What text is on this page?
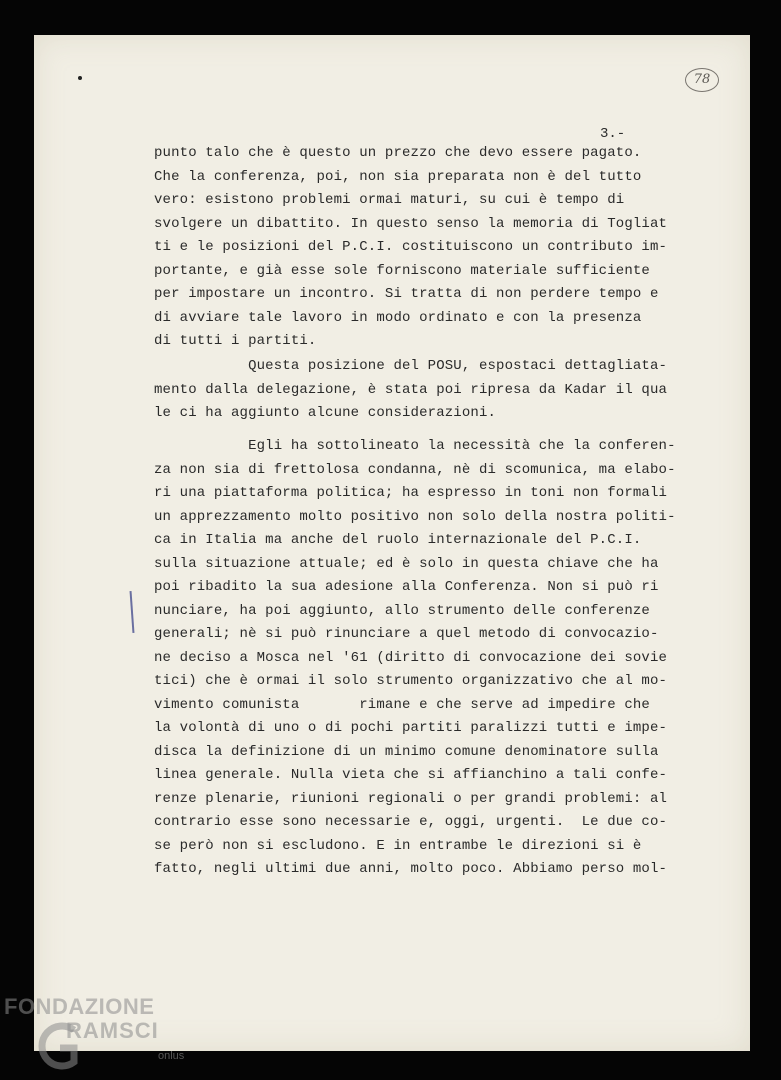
78
3.-
punto talo che è questo un prezzo che devo essere pagato.
Che la conferenza, poi, non sia preparata non è del tutto
vero: esistono problemi ormai maturi, su cui è tempo di
svolgere un dibattito. In questo senso la memoria di Togliat
ti e le posizioni del P.C.I. costituiscono un contributo im-
portante, e già esse sole forniscono materiale sufficiente
per impostare un incontro. Si tratta di non perdere tempo e
di avviare tale lavoro in modo ordinato e con la presenza
di tutti i partiti.
Questa posizione del POSU, espostaci dettagliata-
mento dalla delegazione, è stata poi ripresa da Kadar il qua
le ci ha aggiunto alcune considerazioni.
Egli ha sottolineato la necessità che la conferen-
za non sia di frettolosa condanna, nè di scomunica, ma elabo-
ri una piattaforma politica; ha espresso in toni non formali
un apprezzamento molto positivo non solo della nostra politi-
ca in Italia ma anche del ruolo internazionale del P.C.I.
sulla situazione attuale; ed è solo in questa chiave che ha
poi ribadito la sua adesione alla Conferenza. Non si può ri
nunciare, ha poi aggiunto, allo strumento delle conferenze
generali; nè si può rinunciare a quel metodo di convocazio-
ne deciso a Mosca nel '61 (diritto di convocazione dei sovie
tici) che è ormai il solo strumento organizzativo che al mo-
vimento comunista       rimane e che serve ad impedire che
la volontà di uno o di pochi partiti paralizzi tutti e impe-
disca la definizione di un minimo comune denominatore sulla
linea generale. Nulla vieta che si affianchino a tali confe-
renze plenarie, riunioni regionali o per grandi problemi: al
contrario esse sono necessarie e, oggi, urgenti.  Le due co-
se però non si escludono. E in entrambe le direzioni si è
fatto, negli ultimi due anni, molto poco. Abbiamo perso mol-
FONDAZIONE
RAMSCI
onlus
